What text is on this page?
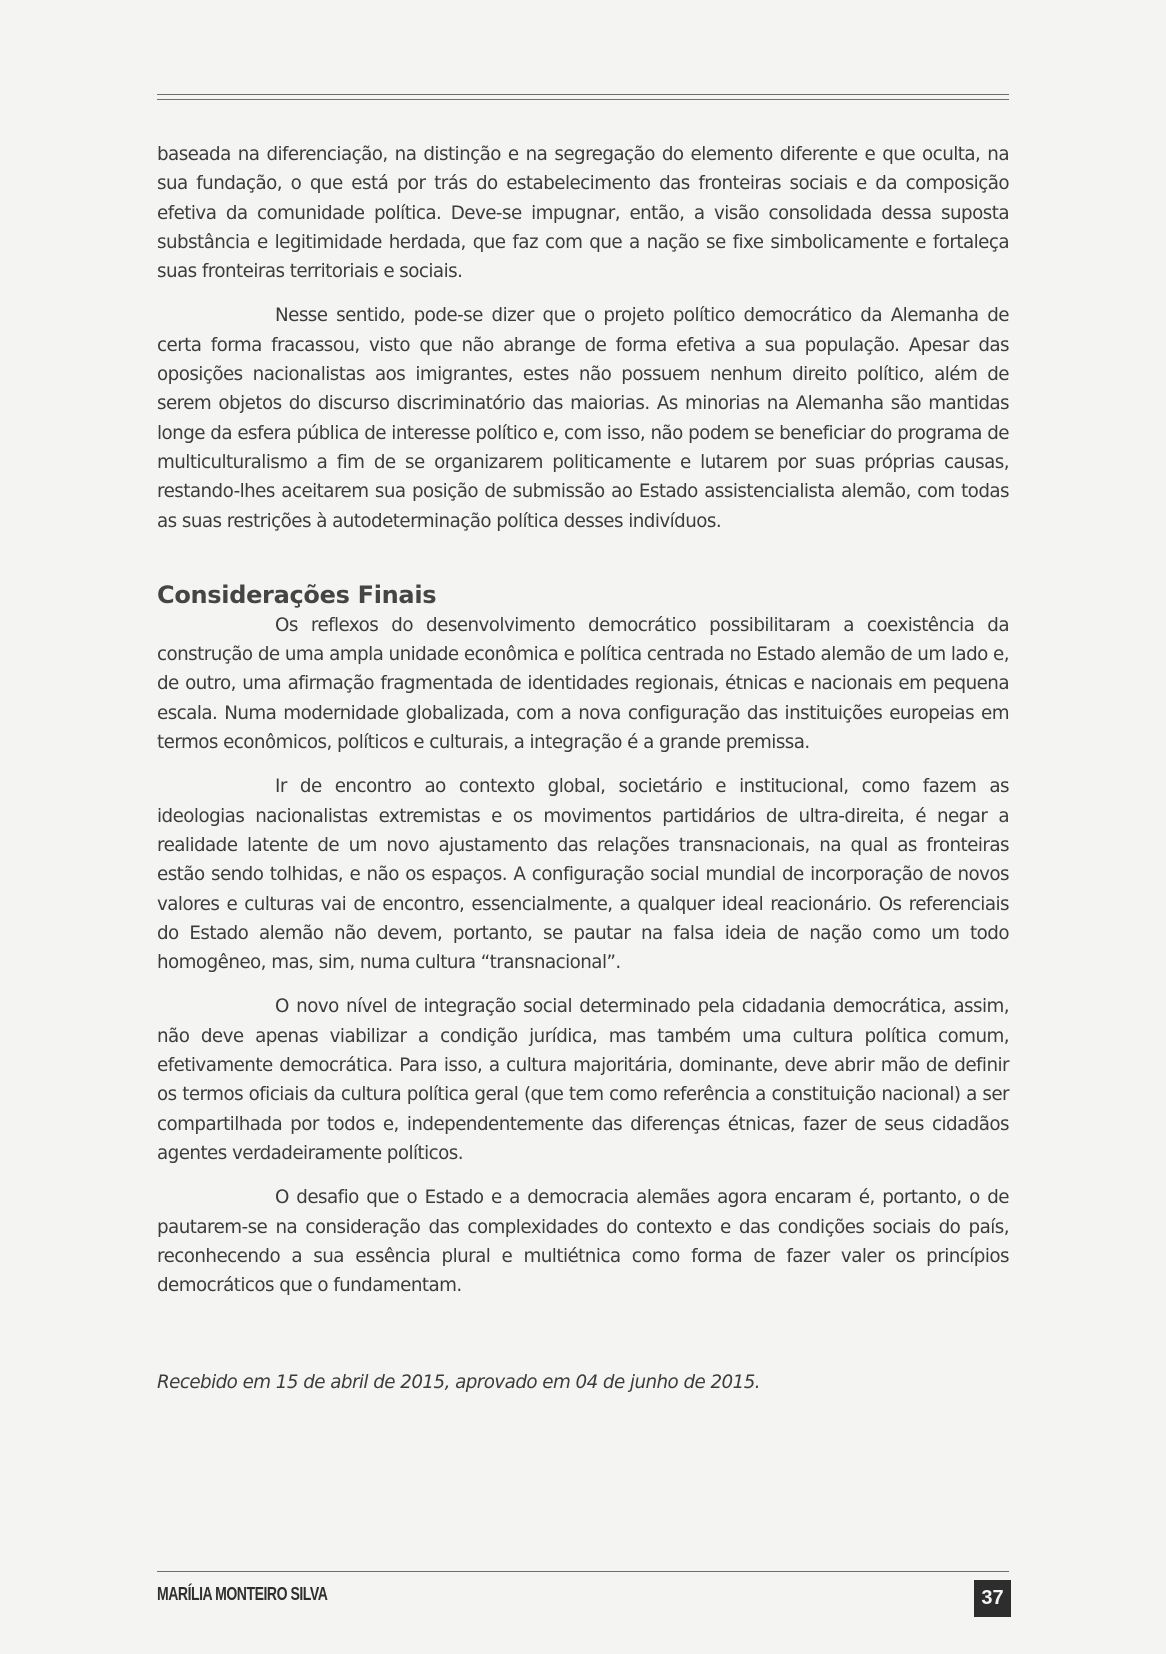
baseada na diferenciação, na distinção e na segregação do elemento diferente e que oculta, na sua fundação, o que está por trás do estabelecimento das fronteiras sociais e da composição efetiva da comunidade política. Deve-se impugnar, então, a visão consolidada dessa suposta substância e legitimidade herdada, que faz com que a nação se fixe simbolicamente e fortaleça suas fronteiras territoriais e sociais.

Nesse sentido, pode-se dizer que o projeto político democrático da Alemanha de certa forma fracassou, visto que não abrange de forma efetiva a sua população. Apesar das oposições nacionalistas aos imigrantes, estes não possuem nenhum direito político, além de serem objetos do discurso discriminatório das maiorias. As minorias na Alemanha são mantidas longe da esfera pública de interesse político e, com isso, não podem se beneficiar do programa de multiculturalismo a fim de se organizarem politicamente e lutarem por suas próprias causas, restando-lhes aceitarem sua posição de submissão ao Estado assistencialista alemão, com todas as suas restrições à autodeterminação política desses indivíduos.

Considerações Finais

Os reflexos do desenvolvimento democrático possibilitaram a coexistência da construção de uma ampla unidade econômica e política centrada no Estado alemão de um lado e, de outro, uma afirmação fragmentada de identidades regionais, étnicas e nacionais em pequena escala. Numa modernidade globalizada, com a nova configuração das instituições europeias em termos econômicos, políticos e culturais, a integração é a grande premissa.

Ir de encontro ao contexto global, societário e institucional, como fazem as ideologias nacionalistas extremistas e os movimentos partidários de ultra-direita, é negar a realidade latente de um novo ajustamento das relações transnacionais, na qual as fronteiras estão sendo tolhidas, e não os espaços. A configuração social mundial de incorporação de novos valores e culturas vai de encontro, essencialmente, a qualquer ideal reacionário. Os referenciais do Estado alemão não devem, portanto, se pautar na falsa ideia de nação como um todo homogêneo, mas, sim, numa cultura “transnacional”.

O novo nível de integração social determinado pela cidadania democrática, assim, não deve apenas viabilizar a condição jurídica, mas também uma cultura política comum, efetivamente democrática. Para isso, a cultura majoritária, dominante, deve abrir mão de definir os termos oficiais da cultura política geral (que tem como referência a constituição nacional) a ser compartilhada por todos e, independentemente das diferenças étnicas, fazer de seus cidadãos agentes verdadeiramente políticos.

O desafio que o Estado e a democracia alemães agora encaram é, portanto, o de pautarem-se na consideração das complexidades do contexto e das condições sociais do país, reconhecendo a sua essência plural e multiétnica como forma de fazer valer os princípios democráticos que o fundamentam.

Recebido em 15 de abril de 2015, aprovado em 04 de junho de 2015.
MARÍLIA MONTEIRO SILVA	37
